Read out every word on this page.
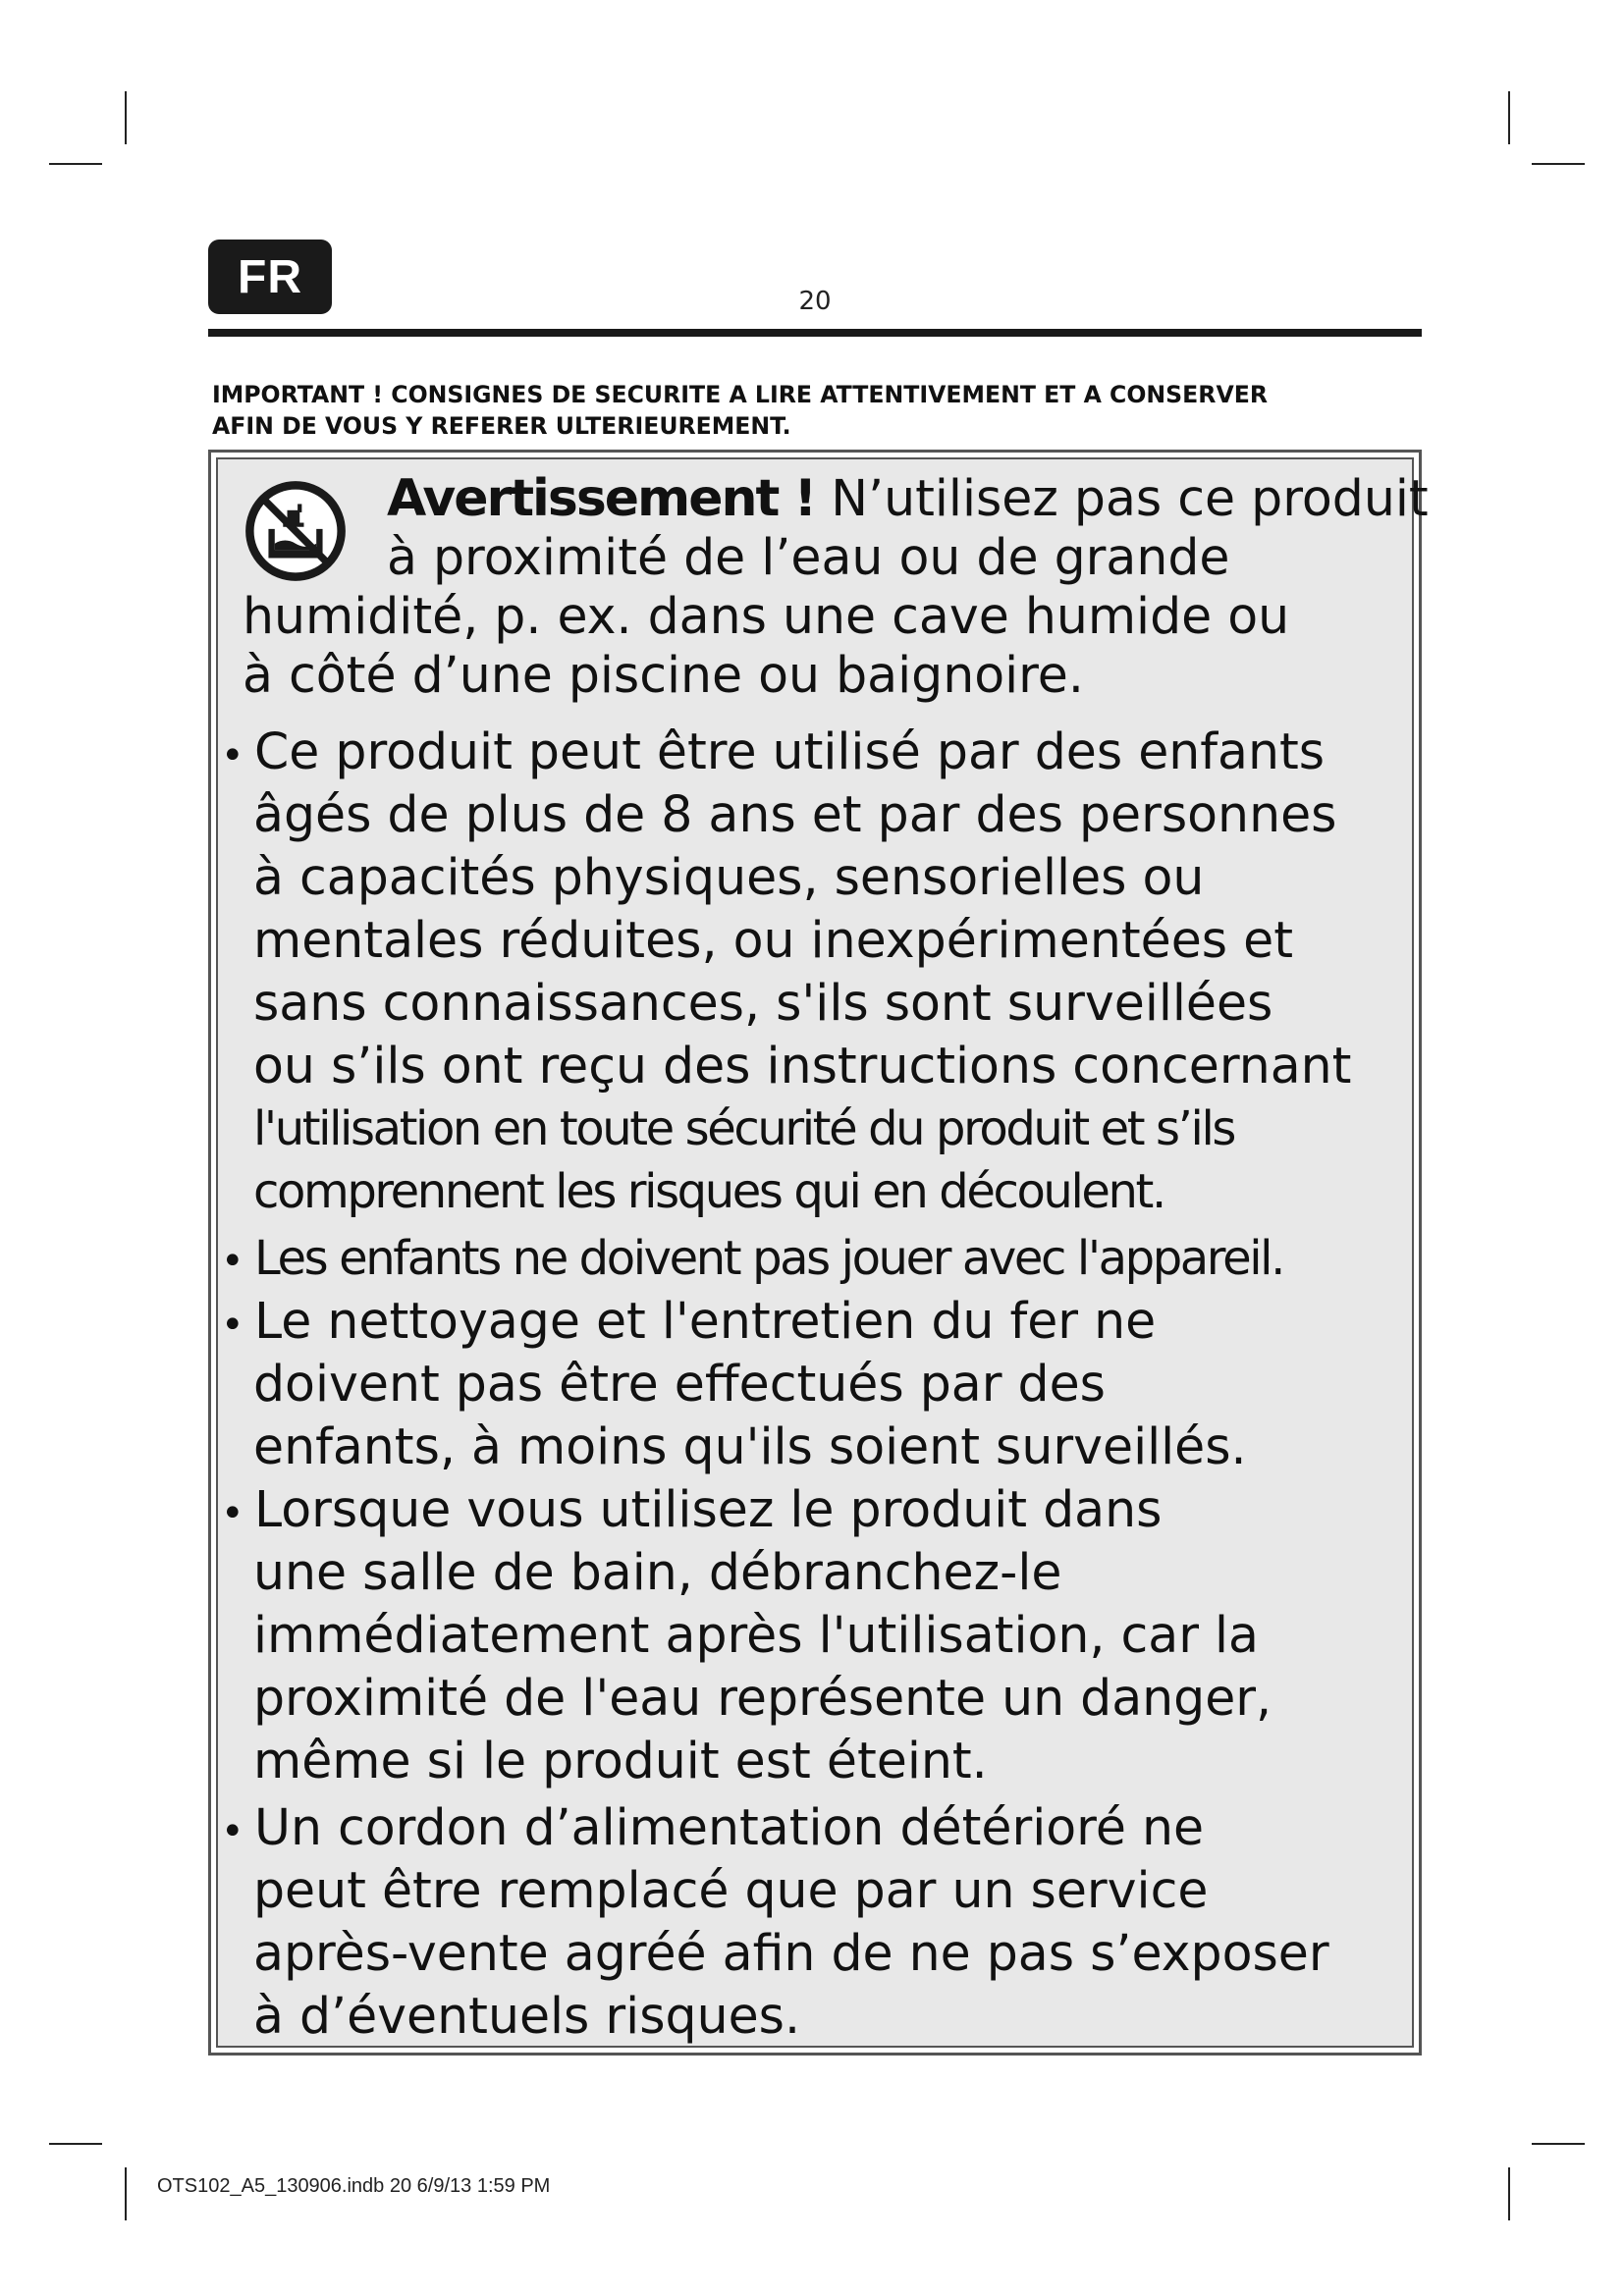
FR	20
IMPORTANT ! CONSIGNES DE SECURITE A LIRE ATTENTIVEMENT ET A CONSERVER
AFIN DE VOUS Y REFERER ULTERIEUREMENT.
Avertissement ! N’utilisez pas ce produit
à proximité de l’eau ou de grande
humidité, p. ex. dans une cave humide ou
à côté d’une piscine ou baignoire.
• Ce produit peut être utilisé par des enfants
âgés de plus de 8 ans et par des personnes
à capacités physiques, sensorielles ou
mentales réduites, ou inexpérimentées et
sans connaissances, s'ils sont surveillées
ou s’ils ont reçu des instructions concernant
l'utilisation en toute sécurité du produit et s’ils
comprennent les risques qui en découlent.
• Les enfants ne doivent pas jouer avec l'appareil.
• Le nettoyage et l'entretien du fer ne
doivent pas être effectués par des
enfants, à moins qu'ils soient surveillés.
• Lorsque vous utilisez le produit dans
une salle de bain, débranchez-le
immédiatement après l'utilisation, car la
proximité de l'eau représente un danger,
même si le produit est éteint.
• Un cordon d’alimentation détérioré ne
peut être remplacé que par un service
après-vente agréé afin de ne pas s’exposer
à d’éventuels risques.
OTS102_A5_130906.indb 20 6/9/13 1:59 PM
